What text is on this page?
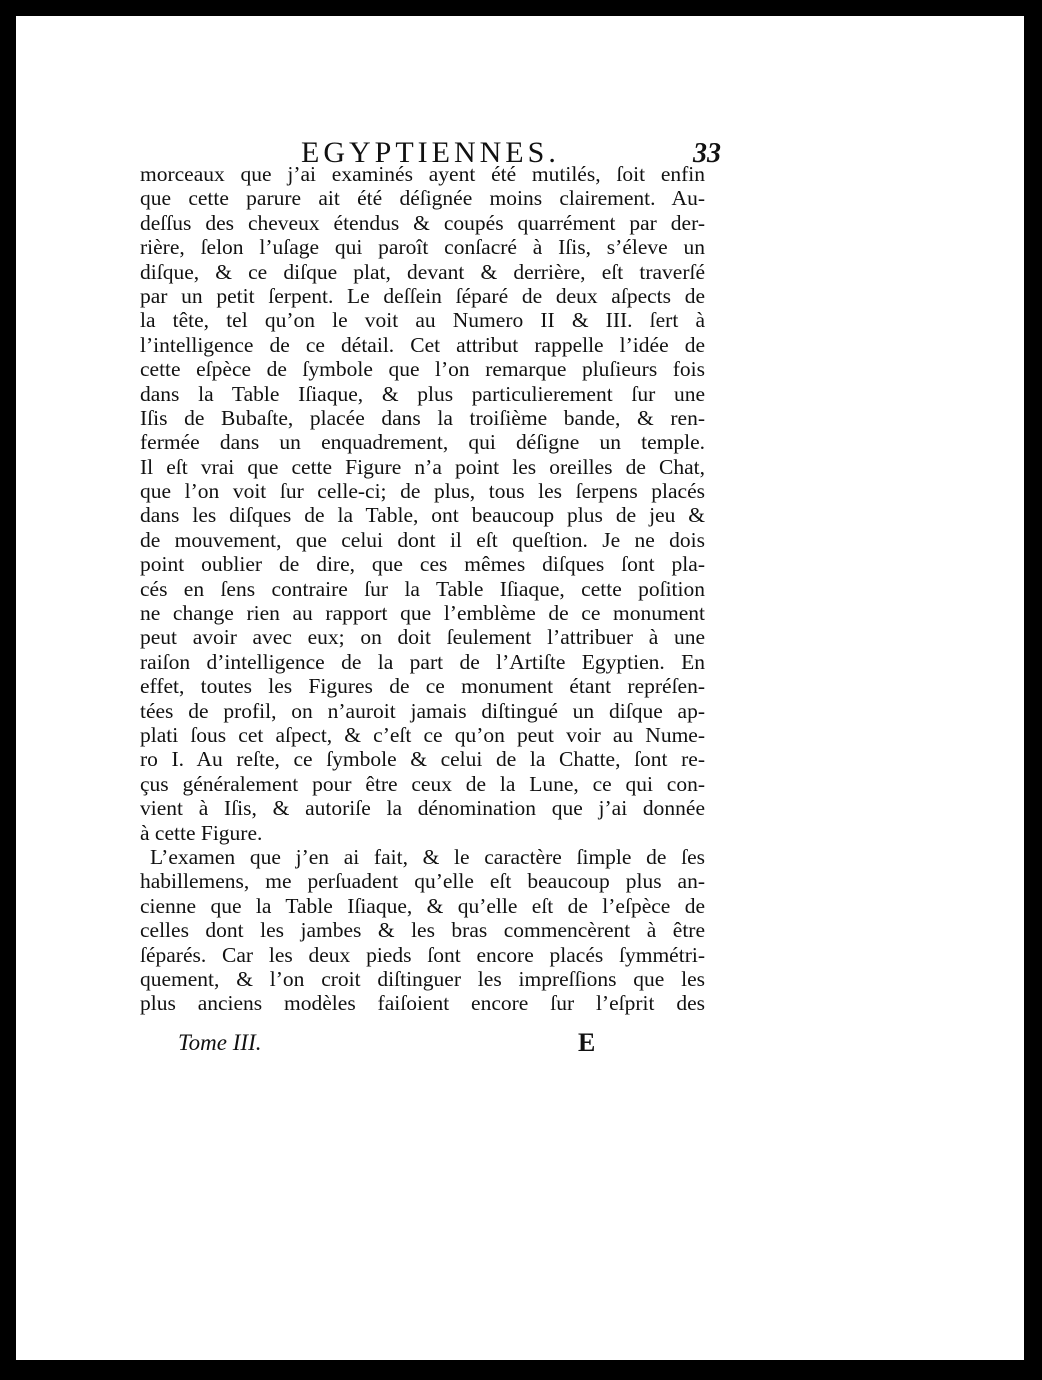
EGYPTIENNES.	33
morceaux que j’ai examinés ayent été mutilés, ſoit enfin
que cette parure ait été déſignée moins clairement. Au-
deſſus des cheveux étendus & coupés quarrément par der-
rière, ſelon l’uſage qui paroît conſacré à Iſis, s’éleve un
diſque, & ce diſque plat, devant & derrière, eſt traverſé
par un petit ſerpent. Le deſſein ſéparé de deux aſpects de
la tête, tel qu’on le voit au Numero II & III. ſert à
l’intelligence de ce détail. Cet attribut rappelle l’idée de
cette eſpèce de ſymbole que l’on remarque pluſieurs fois
dans la Table Iſiaque, & plus particulierement ſur une
Iſis de Bubaſte, placée dans la troiſième bande, & ren-
fermée dans un enquadrement, qui déſigne un temple.
Il eſt vrai que cette Figure n’a point les oreilles de Chat,
que l’on voit ſur celle-ci; de plus, tous les ſerpens placés
dans les diſques de la Table, ont beaucoup plus de jeu &
de mouvement, que celui dont il eſt queſtion. Je ne dois
point oublier de dire, que ces mêmes diſques ſont pla-
cés en ſens contraire ſur la Table Iſiaque, cette poſition
ne change rien au rapport que l’emblème de ce monument
peut avoir avec eux; on doit ſeulement l’attribuer à une
raiſon d’intelligence de la part de l’Artiſte Egyptien. En
effet, toutes les Figures de ce monument étant repréſen-
tées de profil, on n’auroit jamais diſtingué un diſque ap-
plati ſous cet aſpect, & c’eſt ce qu’on peut voir au Nume-
ro I. Au reſte, ce ſymbole & celui de la Chatte, ſont re-
çus généralement pour être ceux de la Lune, ce qui con-
vient à Iſis, & autoriſe la dénomination que j’ai donnée
à cette Figure.
L’examen que j’en ai fait, & le caractère ſimple de ſes
habillemens, me perſuadent qu’elle eſt beaucoup plus an-
cienne que la Table Iſiaque, & qu’elle eſt de l’eſpèce de
celles dont les jambes & les bras commencèrent à être
ſéparés. Car les deux pieds ſont encore placés ſymmétri-
quement, & l’on croit diſtinguer les impreſſions que les
plus anciens modèles faiſoient encore ſur l’eſprit des
Tome III.	E
